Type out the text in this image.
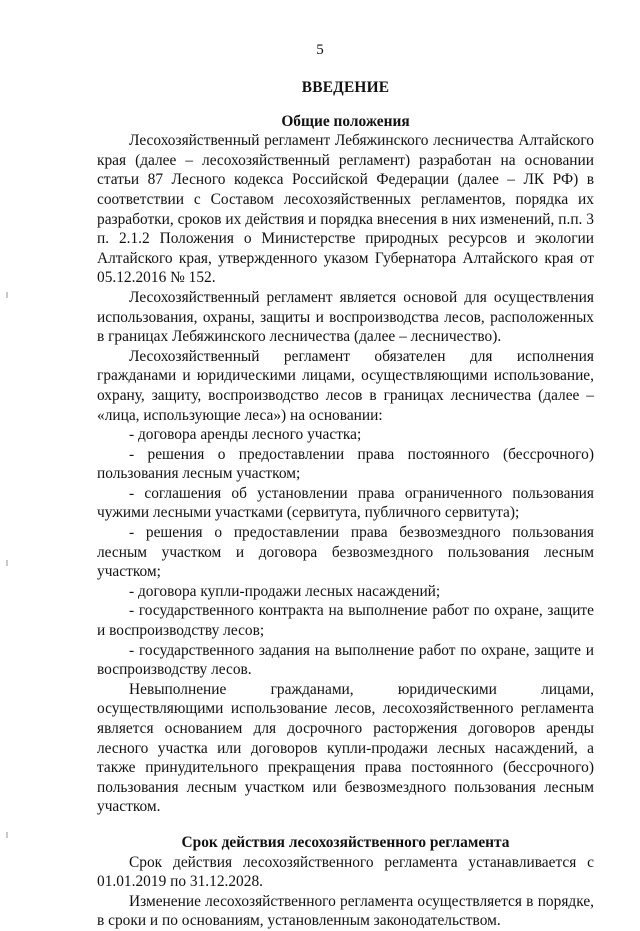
5
ВВЕДЕНИЕ
Общие положения

Лесохозяйственный регламент Лебяжинского лесничества Алтайского края (далее – лесохозяйственный регламент) разработан на основании статьи 87 Лесного кодекса Российской Федерации (далее – ЛК РФ) в соответствии с Составом лесохозяйственных регламентов, порядка их разработки, сроков их действия и порядка внесения в них изменений, п.п. 3 п. 2.1.2 Положения о Министерстве природных ресурсов и экологии Алтайского края, утвержденного указом Губернатора Алтайского края от 05.12.2016 № 152.

Лесохозяйственный регламент является основой для осуществления использования, охраны, защиты и воспроизводства лесов, расположенных в границах Лебяжинского лесничества (далее – лесничество).

Лесохозяйственный регламент обязателен для исполнения гражданами и юридическими лицами, осуществляющими использование, охрану, защиту, воспроизводство лесов в границах лесничества (далее – «лица, использующие леса») на основании:

- договора аренды лесного участка;

- решения о предоставлении права постоянного (бессрочного) пользования лесным участком;

- соглашения об установлении права ограниченного пользования чужими лесными участками (сервитута, публичного сервитута);

- решения о предоставлении права безвозмездного пользования лесным участком и договора безвозмездного пользования лесным участком;

- договора купли-продажи лесных насаждений;

- государственного контракта на выполнение работ по охране, защите и воспроизводству лесов;

- государственного задания на выполнение работ по охране, защите и воспроизводству лесов.

Невыполнение гражданами, юридическими лицами, осуществляющими использование лесов, лесохозяйственного регламента является основанием для досрочного расторжения договоров аренды лесного участка или договоров купли-продажи лесных насаждений, а также принудительного прекращения права постоянного (бессрочного) пользования лесным участком или безвозмездного пользования лесным участком.

Срок действия лесохозяйственного регламента

Срок действия лесохозяйственного регламента устанавливается с 01.01.2019 по 31.12.2028.

Изменение лесохозяйственного регламента осуществляется в порядке, в сроки и по основаниям, установленным законодательством.
